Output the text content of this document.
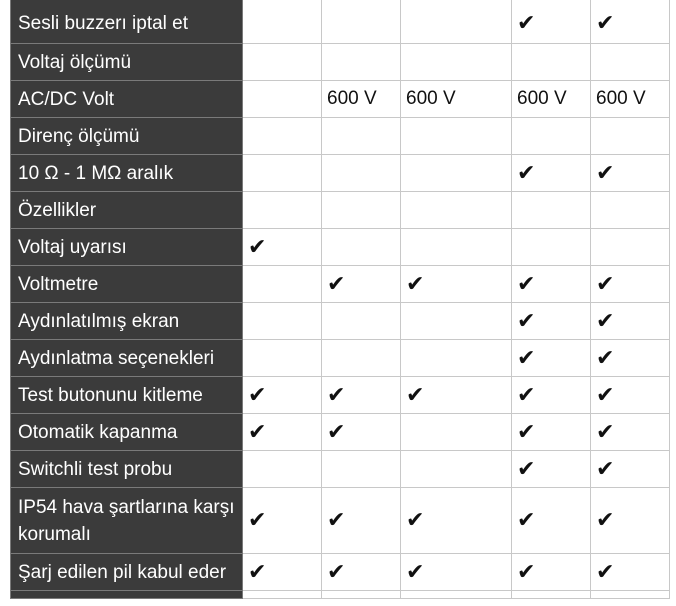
Sesli buzzerı iptal et				✔	✔
Voltaj ölçümü					
AC/DC Volt		600 V	600 V	600 V	600 V
Direnç ölçümü					
10 Ω - 1 MΩ aralık				✔	✔
Özellikler					
Voltaj uyarısı	✔				
Voltmetre		✔	✔	✔	✔
Aydınlatılmış ekran				✔	✔
Aydınlatma seçenekleri				✔	✔
Test butonunu kitleme	✔	✔	✔	✔	✔
Otomatik kapanma	✔	✔		✔	✔
Switchli test probu				✔	✔
IP54 hava şartlarına karşı korumalı	✔	✔	✔	✔	✔
Şarj edilen pil kabul eder	✔	✔	✔	✔	✔
